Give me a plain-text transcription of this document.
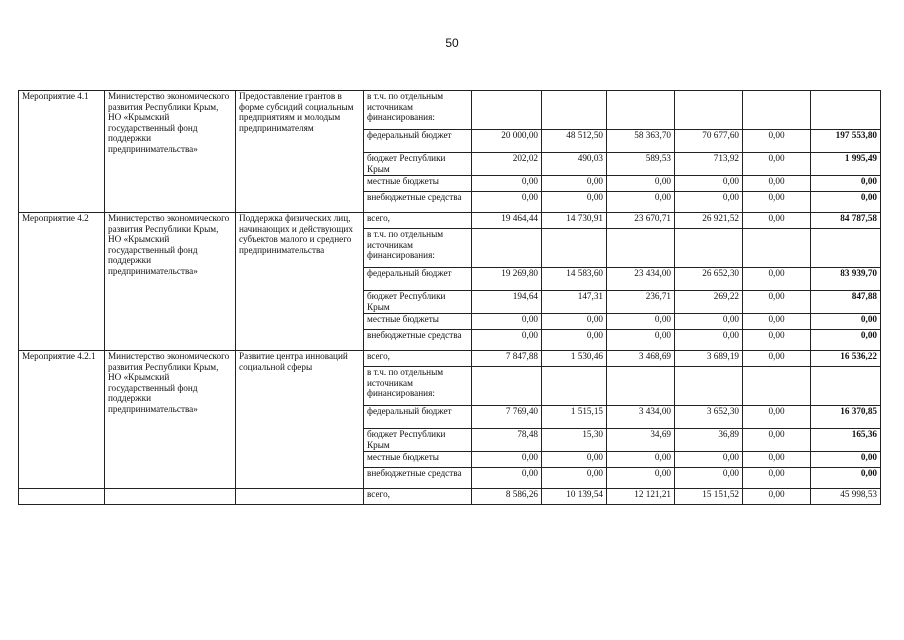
50
Мероприятие 4.1	Министерство экономического развития Республики Крым, НО «Крымский государственный фонд поддержки предпринимательства»	Предоставление грантов в форме субсидий социальным предприятиям и молодым предпринимателям	в т.ч. по отдельным источникам финансирования:						
			федеральный бюджет	20 000,00	48 512,50	58 363,70	70 677,60	0,00	197 553,80
			бюджет Республики Крым	202,02	490,03	589,53	713,92	0,00	1 995,49
			местные бюджеты	0,00	0,00	0,00	0,00	0,00	0,00
			внебюджетные средства	0,00	0,00	0,00	0,00	0,00	0,00
Мероприятие 4.2	Министерство экономического развития Республики Крым, НО «Крымский государственный фонд поддержки предпринимательства»	Поддержка физических лиц, начинающих и действующих субъектов малого и среднего предпринимательства	всего,	19 464,44	14 730,91	23 670,71	26 921,52	0,00	84 787,58
			в т.ч. по отдельным источникам финансирования:						
			федеральный бюджет	19 269,80	14 583,60	23 434,00	26 652,30	0,00	83 939,70
			бюджет Республики Крым	194,64	147,31	236,71	269,22	0,00	847,88
			местные бюджеты	0,00	0,00	0,00	0,00	0,00	0,00
			внебюджетные средства	0,00	0,00	0,00	0,00	0,00	0,00
Мероприятие 4.2.1	Министерство экономического развития Республики Крым, НО «Крымский государственный фонд поддержки предпринимательства»	Развитие центра инноваций социальной сферы	всего,	7 847,88	1 530,46	3 468,69	3 689,19	0,00	16 536,22
			в т.ч. по отдельным источникам финансирования:						
			федеральный бюджет	7 769,40	1 515,15	3 434,00	3 652,30	0,00	16 370,85
			бюджет Республики Крым	78,48	15,30	34,69	36,89	0,00	165,36
			местные бюджеты	0,00	0,00	0,00	0,00	0,00	0,00
			внебюджетные средства	0,00	0,00	0,00	0,00	0,00	0,00
			всего,	8 586,26	10 139,54	12 121,21	15 151,52	0,00	45 998,53
